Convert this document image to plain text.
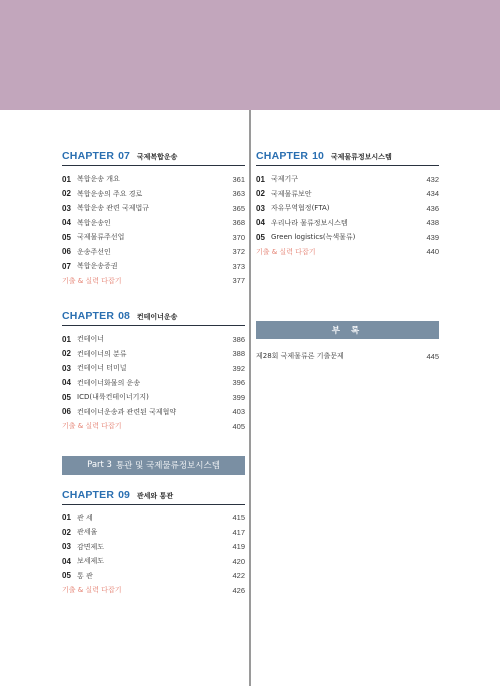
CHAPTER 07 국제복합운송
01 복합운송 개요	361
02 복합운송의 주요 경로	363
03 복합운송 관련 국제법규	365
04 복합운송인	368
05 국제물류주선업	370
06 운송주선인	372
07 복합운송증권	373
기출 & 실력 다잡기	377
CHAPTER 08 컨테이너운송
01 컨테이너	386
02 컨테이너의 분류	388
03 컨테이너 터미널	392
04 컨테이너화물의 운송	396
05 ICD(내륙컨테이너기지)	399
06 컨테이너운송과 관련된 국제협약	403
기출 & 실력 다잡기	405
Part 3 통관 및 국제물류정보시스템
CHAPTER 09 관세와 통관
01 관 세	415
02 관세율	417
03 감면제도	419
04 보세제도	420
05 통 관	422
기출 & 실력 다잡기	426
CHAPTER 10 국제물류정보시스템
01 국제기구	432
02 국제물류보안	434
03 자유무역협정(FTA)	436
04 우리나라 물류정보시스템	438
05 Green logistics(녹색물류)	439
기출 & 실력 다잡기	440
부 록
제28회 국제물류론 기출문제	445
